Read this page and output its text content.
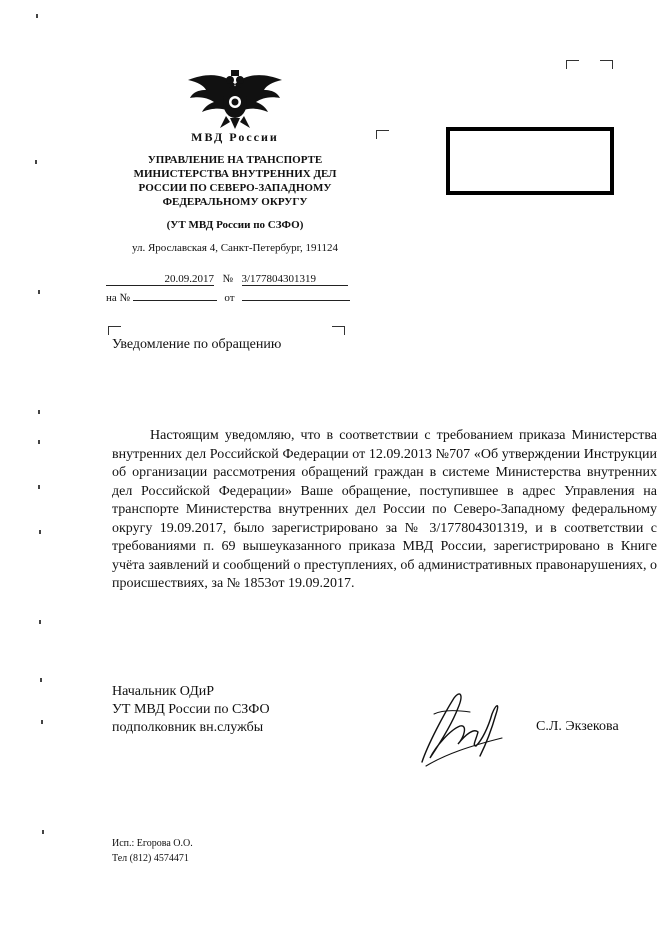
МВД России
УПРАВЛЕНИЕ НА ТРАНСПОРТЕ
МИНИСТЕРСТВА ВНУТРЕННИХ ДЕЛ
РОССИИ ПО СЕВЕРО-ЗАПАДНОМУ
ФЕДЕРАЛЬНОМУ ОКРУГУ
(УТ МВД России по СЗФО)
ул. Ярославская 4, Санкт-Петербург, 191124
20.09.2017 № 3/177804301319
на №	от
Уведомление по обращению
Настоящим уведомляю, что в соответствии с требованием приказа Министерства внутренних дел Российской Федерации от 12.09.2013 №707 «Об утверждении Инструкции об организации рассмотрения обращений граждан в системе Министерства внутренних дел Российской Федерации» Ваше обращение, поступившее в адрес Управления на транспорте Министерства внутренних дел России по Северо-Западному федеральному округу 19.09.2017, было зарегистрировано за № 3/177804301319, и в соответствии с требованиями п. 69 вышеуказанного приказа МВД России, зарегистрировано в Книге учёта заявлений и сообщений о преступлениях, об административных правонарушениях, о происшествиях, за № 1853от 19.09.2017.
Начальник ОДиР
УТ МВД России по СЗФО
подполковник вн.службы	С.Л. Экзекова
Исп.: Егорова О.О.
Тел (812) 4574471
